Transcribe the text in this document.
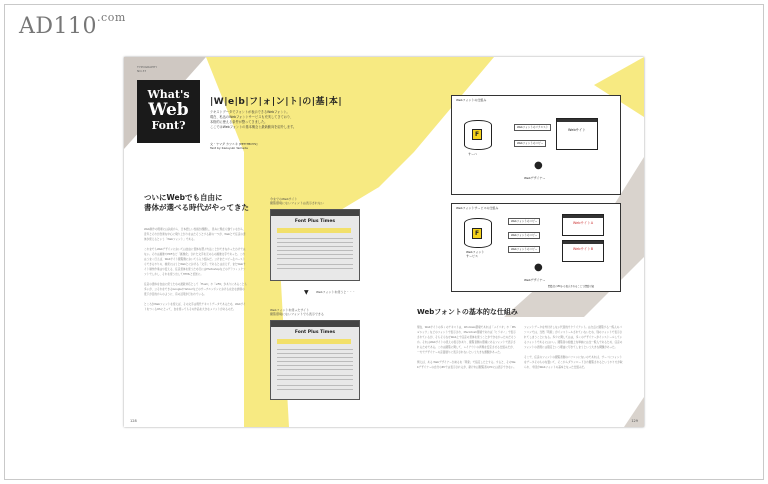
$AD110^{.com}$
TYPOGRAPHY
NO.37
What's
Web
Font?
|W|e|b|フ|ォ|ン|ト|の|基|本|
テキストデータでフォントが表示できるWebフォント。
現在、私达のWebフォントサービスも充実してきており、
本格的に使える条件が整ってきました。
ここではWebフォントの基本概念と最新動向を紹介します。
文・ヤマダ カツユキ [PETITBOYS]
Text by Kazuyuki Yamada
ついにWebでも自由に
書体が選べる時代がやってきた

Web制作の現場には以前から、日本語しい性格が課題し、見ぬに現在も継ていながら、近年とそれが急速な中心に飛り上がりをはたそうとする新の一つが、Webとで任意の書体が使えるという「Webフォント」である。

これまでもWebデザインにおいては自由に書体を選ぶ方法ことができなかったわけではない。それは画像やPDFなど「画像化」された文字を元の心の画像文字であった。これはうまく行えば、Webサイト閲覧側においても入り組みだ。公けまたコピー＆ペーストもできるやりの、検索にはうとWebとにおける「文字」であるとは言えず、またWebサイト制作作業はや変える、任意書体を使うため行にはPhotoshopなどのグラフィックソフトでしかし、それを使う出してHTMLと記述に。

任意の書体を自由に使うための最新対応として「Flash」や「sIFR」がありにあることも多いが、公それをできるGoogleやYahoo!などのサーチエンジンにおける完全な評価の低下が目的からのように、有の活用が行われている。

ところがWebフォントを使えば、その文字は現代テキストデータであるため、WebサイトをつくるOSにとって、自を使ってもその作品を大きなメリットがあるのだ。

今までのWebサイト
閲覧環境にないフォントは表示されない
Font Plus Times
▼ Webフォントを使うと・・・
Webフォントを使ったサイト
閲覧環境にないフォントでも表示できる
Font Plus Times
Webフォントの仕組み
F
サーバ
Webフォントのリクエスト
Webフォントのコピー
Webサイト
●
Webデザイナー
Webフォントサービスの仕組み
F
Webフォント
サービス
Webフォントのコピー
Webフォントのコピー
Webフォントのコピー
WebサイトA
WebサイトB
●
Webデザイナー
閲覧者のPCから表示されることで閲覧可能
Webフォントの基本的な仕組み

現在、Webサイトの多くのテキストは、Windows環境であれば「メイリオ」や「MS ゴシック」などのフォントで表示され、Macintosh環境であれば「ヒラギノ」で表示されているが、そもそもなぜWeb上で任意の書体を使うことができなかったのだろうか。それはWebサイトの見えの表示があり、閲覧者側の環境にあるフォントで表示されるためである。これは閲覧に関して、レイアウトの再現を安定させる仕組みだが、一方でデザイナーの意図通りに表示されないという大きな課題があった。

例えば、ある Webデザイナーが来るを「筑紫」で指定したとする。すると、そのWebデザイナーの自分のPCでは表示されるが、新ければ閲覧者のPCには表示できない。

フォントデータを外付けしない代替的サクライアント。は欠点に閲覧する一般人のパソコンでは、当然「筑紫」がインストールされていないため、別のフォントで表示されてしまうことになる。多少に関してはは、多くのデザイナーがインストールしているフォントであるにはいい。閲覧者の総数上を単純には全一般人であるため、任意のフォントの表現には限定という理由に尽きてしまうという大きな問題があった。

そこで、任意のフォントの閲覧者側のパソコンにないのであれば、サーバにフォントをデータそのものを置いて、そこからダウンロードされ閲覧されるというやり方が取られ、今回がWebフォントの基本となった仕組みだ。

128	129
